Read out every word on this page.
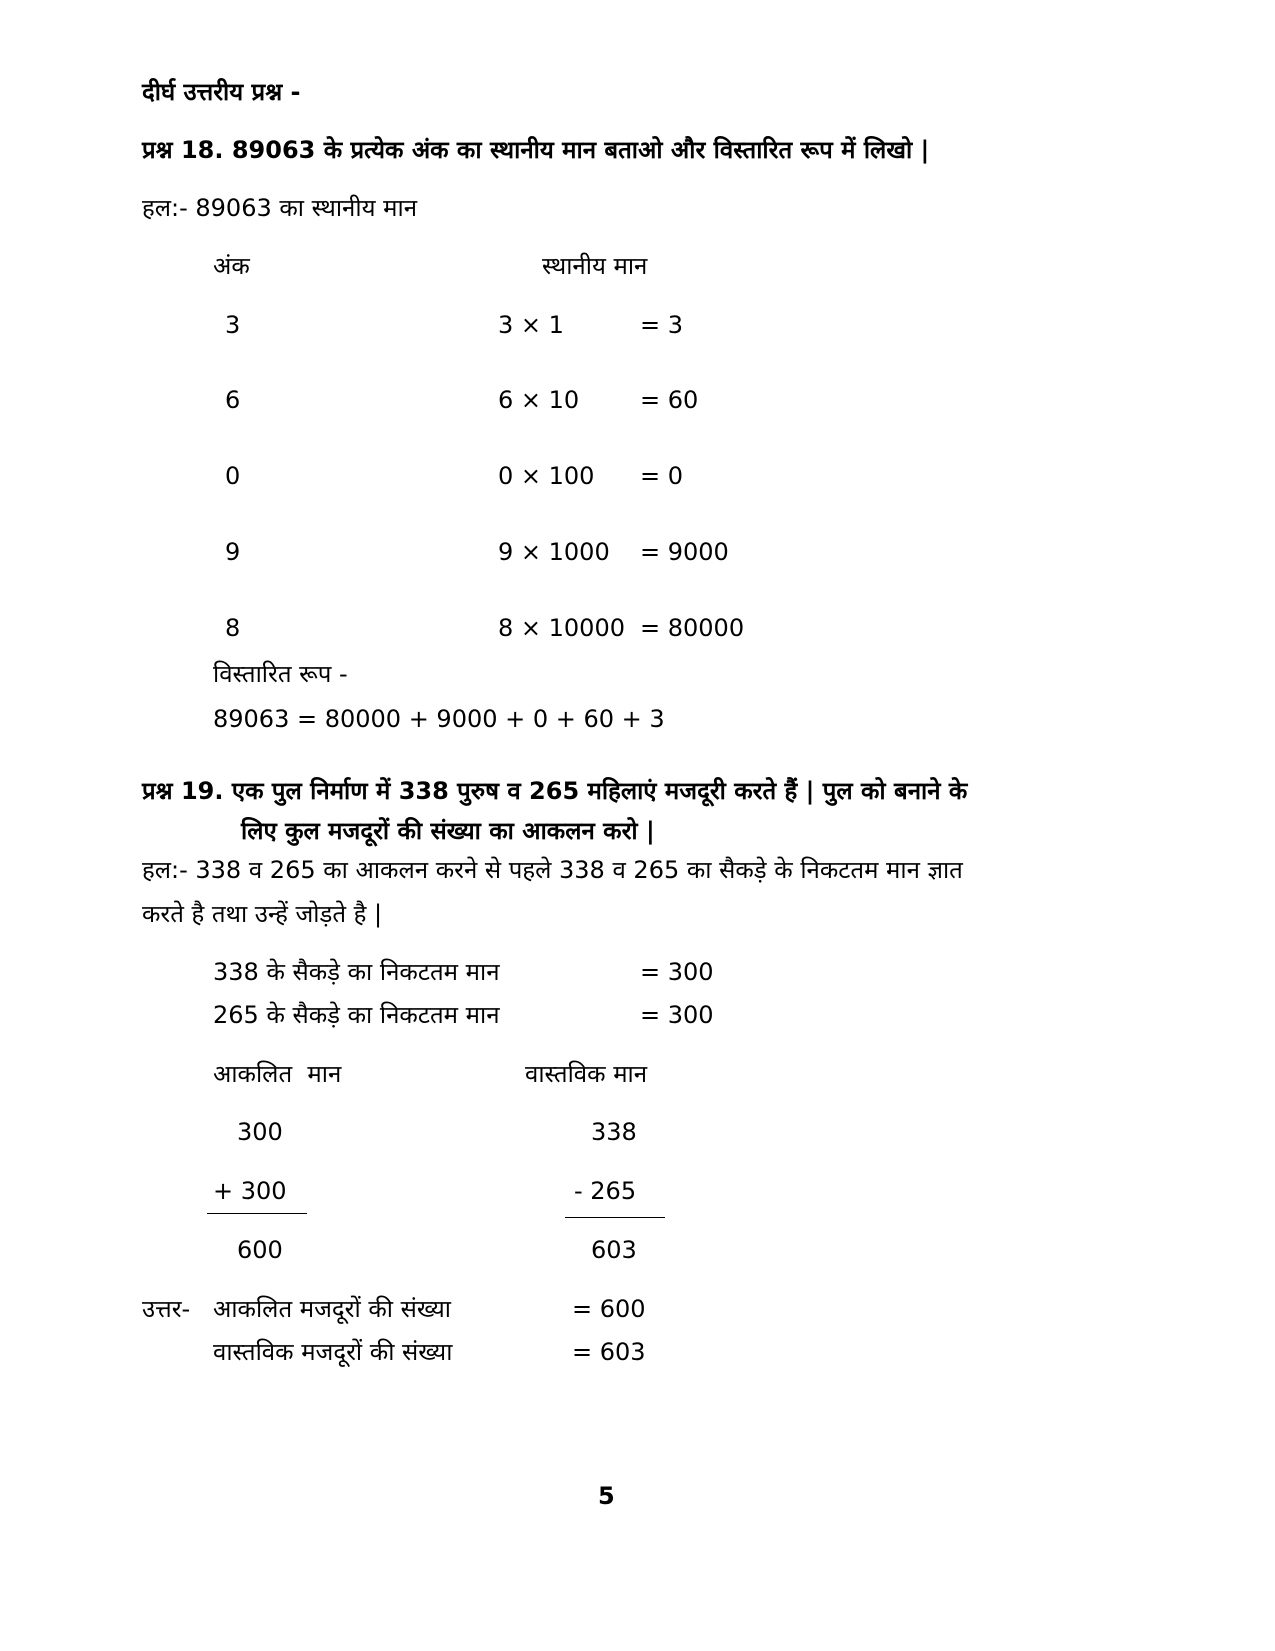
दीर्घ उत्तरीय प्रश्न -
प्रश्न 18. 89063 के प्रत्येक अंक का स्थानीय मान बताओ और विस्तारित रूप में लिखो |
हल:- 89063 का स्थानीय मान
अंक	स्थानीय मान
3	3 × 1	= 3
6	6 × 10	= 60
0	0 × 100 = 0
9	9 × 1000 = 9000
8	8 × 10000 = 80000
विस्तारित रूप -
89063 = 80000 + 9000 + 0 + 60 + 3
प्रश्न 19. एक पुल निर्माण में 338 पुरुष व 265 महिलाएं मजदूरी करते हैं | पुल को बनाने के
लिए कुल मजदूरों की संख्या का आकलन करो |
हल:- 338 व 265 का आकलन करने से पहले 338 व 265 का सैकड़े के निकटतम मान ज्ञात
करते है तथा उन्हें जोड़ते है |
338 के सैकड़े का निकटतम मान	= 300
265 के सैकड़े का निकटतम मान	= 300
आकलित  मान	वास्तविक मान
300	338
+ 300	- 265
600	603
उत्तर- आकलित मजदूरों की संख्या	= 600
वास्तविक मजदूरों की संख्या	= 603
5
